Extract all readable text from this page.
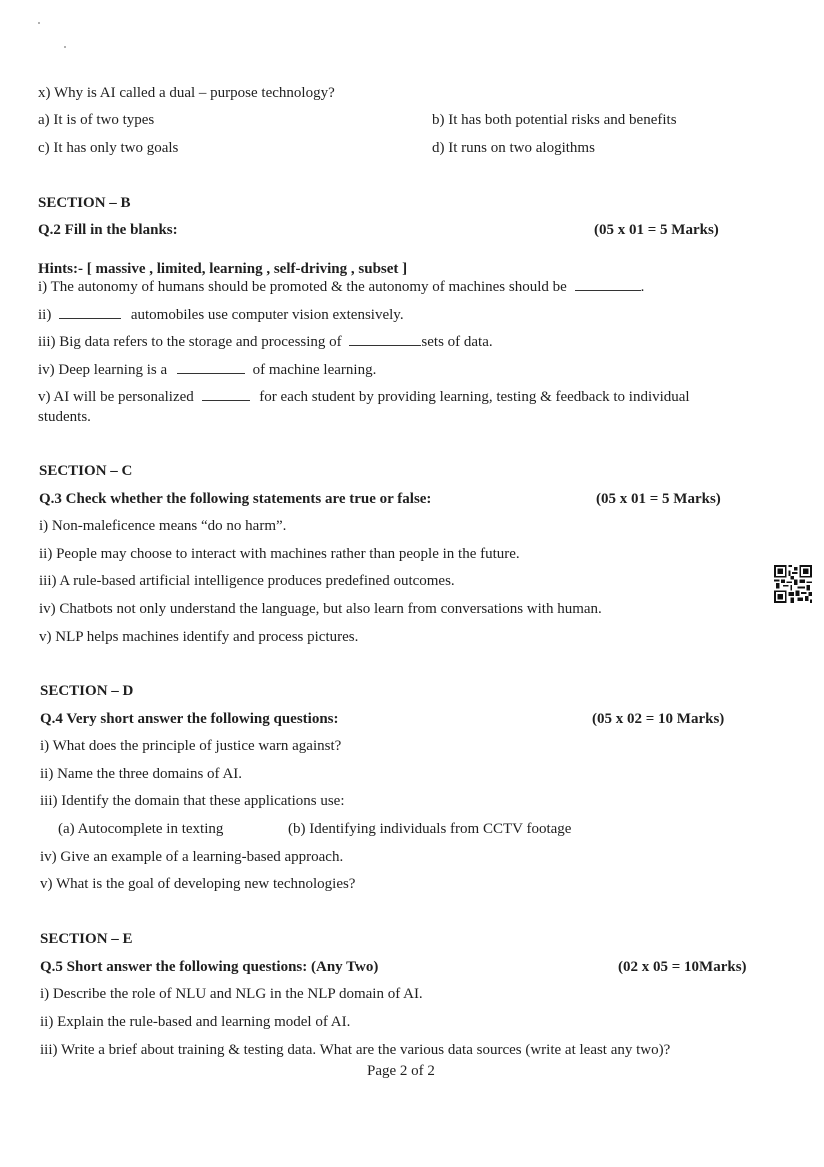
x) Why is AI called a dual – purpose technology?
a) It is of two types	b) It has both potential risks and benefits
c) It has only two goals	d) It runs on two alogithms
SECTION – B
Q.2 Fill in the blanks:	(05 x 01 = 5 Marks)
Hints:- [ massive , limited, learning , self-driving , subset ]
i) The autonomy of humans should be promoted & the autonomy of machines should be	.
ii)	automobiles use computer vision extensively.
iii) Big data refers to the storage and processing of	sets of data.
iv) Deep learning is a	of machine learning.
v) AI will be personalized	for each student by providing learning, testing & feedback to individual
students.
SECTION – C
Q.3 Check whether the following statements are true or false:	(05 x 01 = 5 Marks)
i) Non-maleficence means “do no harm”.
ii) People may choose to interact with machines rather than people in the future.
iii) A rule-based artificial intelligence produces predefined outcomes.
iv) Chatbots not only understand the language, but also learn from conversations with human.
v) NLP helps machines identify and process pictures.
SECTION – D
Q.4 Very short answer the following questions:	(05 x 02 = 10 Marks)
i) What does the principle of justice warn against?
ii) Name the three domains of AI.
iii) Identify the domain that these applications use:
(a) Autocomplete in texting	(b) Identifying individuals from CCTV footage
iv) Give an example of a learning-based approach.
v) What is the goal of developing new technologies?
SECTION – E
Q.5 Short answer the following questions: (Any Two)	(02 x 05 = 10Marks)
i) Describe the role of NLU and NLG in the NLP domain of AI.
ii) Explain the rule-based and learning model of AI.
iii) Write a brief about training & testing data. What are the various data sources (write at least any two)?
Page 2 of 2
